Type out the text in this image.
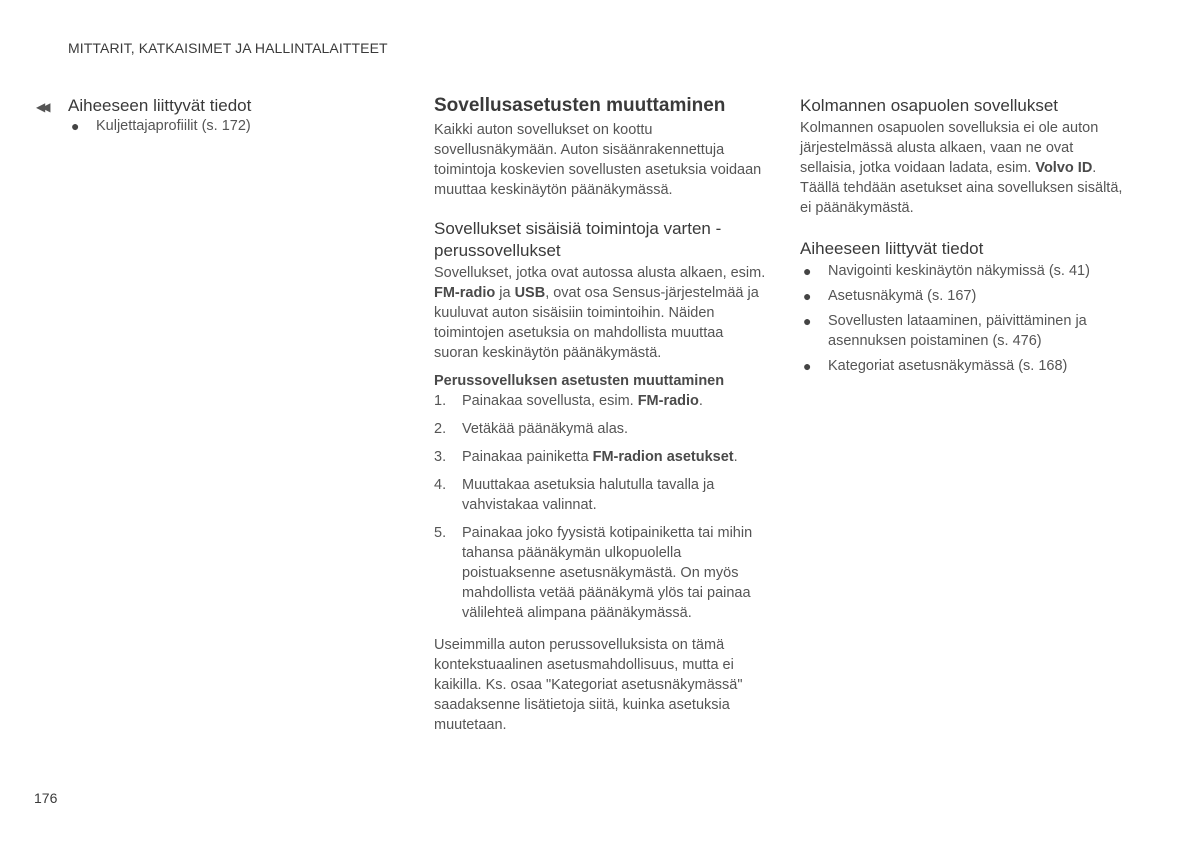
MITTARIT, KATKAISIMET JA HALLINTALAITTEET
◀◀ Aiheeseen liittyvät tiedot
● Kuljettajaprofiilit (s. 172)
Sovellusasetusten muuttaminen

Kaikki auton sovellukset on koottu sovellusnäkymään. Auton sisäänrakennettuja toimintoja koskevien sovellusten asetuksia voidaan muuttaa keskinäytön päänäkymässä.

Sovellukset sisäisiä toimintoja varten - perussovellukset

Sovellukset, jotka ovat autossa alusta alkaen, esim. FM-radio ja USB, ovat osa Sensus-järjestelmää ja kuuluvat auton sisäisiin toimintoihin. Näiden toimintojen asetuksia on mahdollista muuttaa suoran keskinäytön päänäkymästä.

Perussovelluksen asetusten muuttaminen
1. Painakaa sovellusta, esim. FM-radio.
2. Vetäkää päänäkymä alas.
3. Painakaa painiketta FM-radion asetukset.
4. Muuttakaa asetuksia halutulla tavalla ja vahvistakaa valinnat.
5. Painakaa joko fyysistä kotipainiketta tai mihin tahansa päänäkymän ulkopuolella poistuaksenne asetusnäkymästä. On myös mahdollista vetää päänäkymä ylös tai painaa välilehteä alimpana päänäkymässä.

Useimmilla auton perussovelluksista on tämä kontekstuaalinen asetusmahdollisuus, mutta ei kaikilla. Ks. osaa "Kategoriat asetusnäkymässä" saadaksenne lisätietoja siitä, kuinka asetuksia muutetaan.

Kolmannen osapuolen sovellukset

Kolmannen osapuolen sovelluksia ei ole auton järjestelmässä alusta alkaen, vaan ne ovat sellaisia, jotka voidaan ladata, esim. Volvo ID. Täällä tehdään asetukset aina sovelluksen sisältä, ei päänäkymästä.

Aiheeseen liittyvät tiedot
● Navigointi keskinäytön näkymissä (s. 41)
● Asetusnäkymä (s. 167)
● Sovellusten lataaminen, päivittäminen ja asennuksen poistaminen (s. 476)
● Kategoriat asetusnäkymässä (s. 168)
176
